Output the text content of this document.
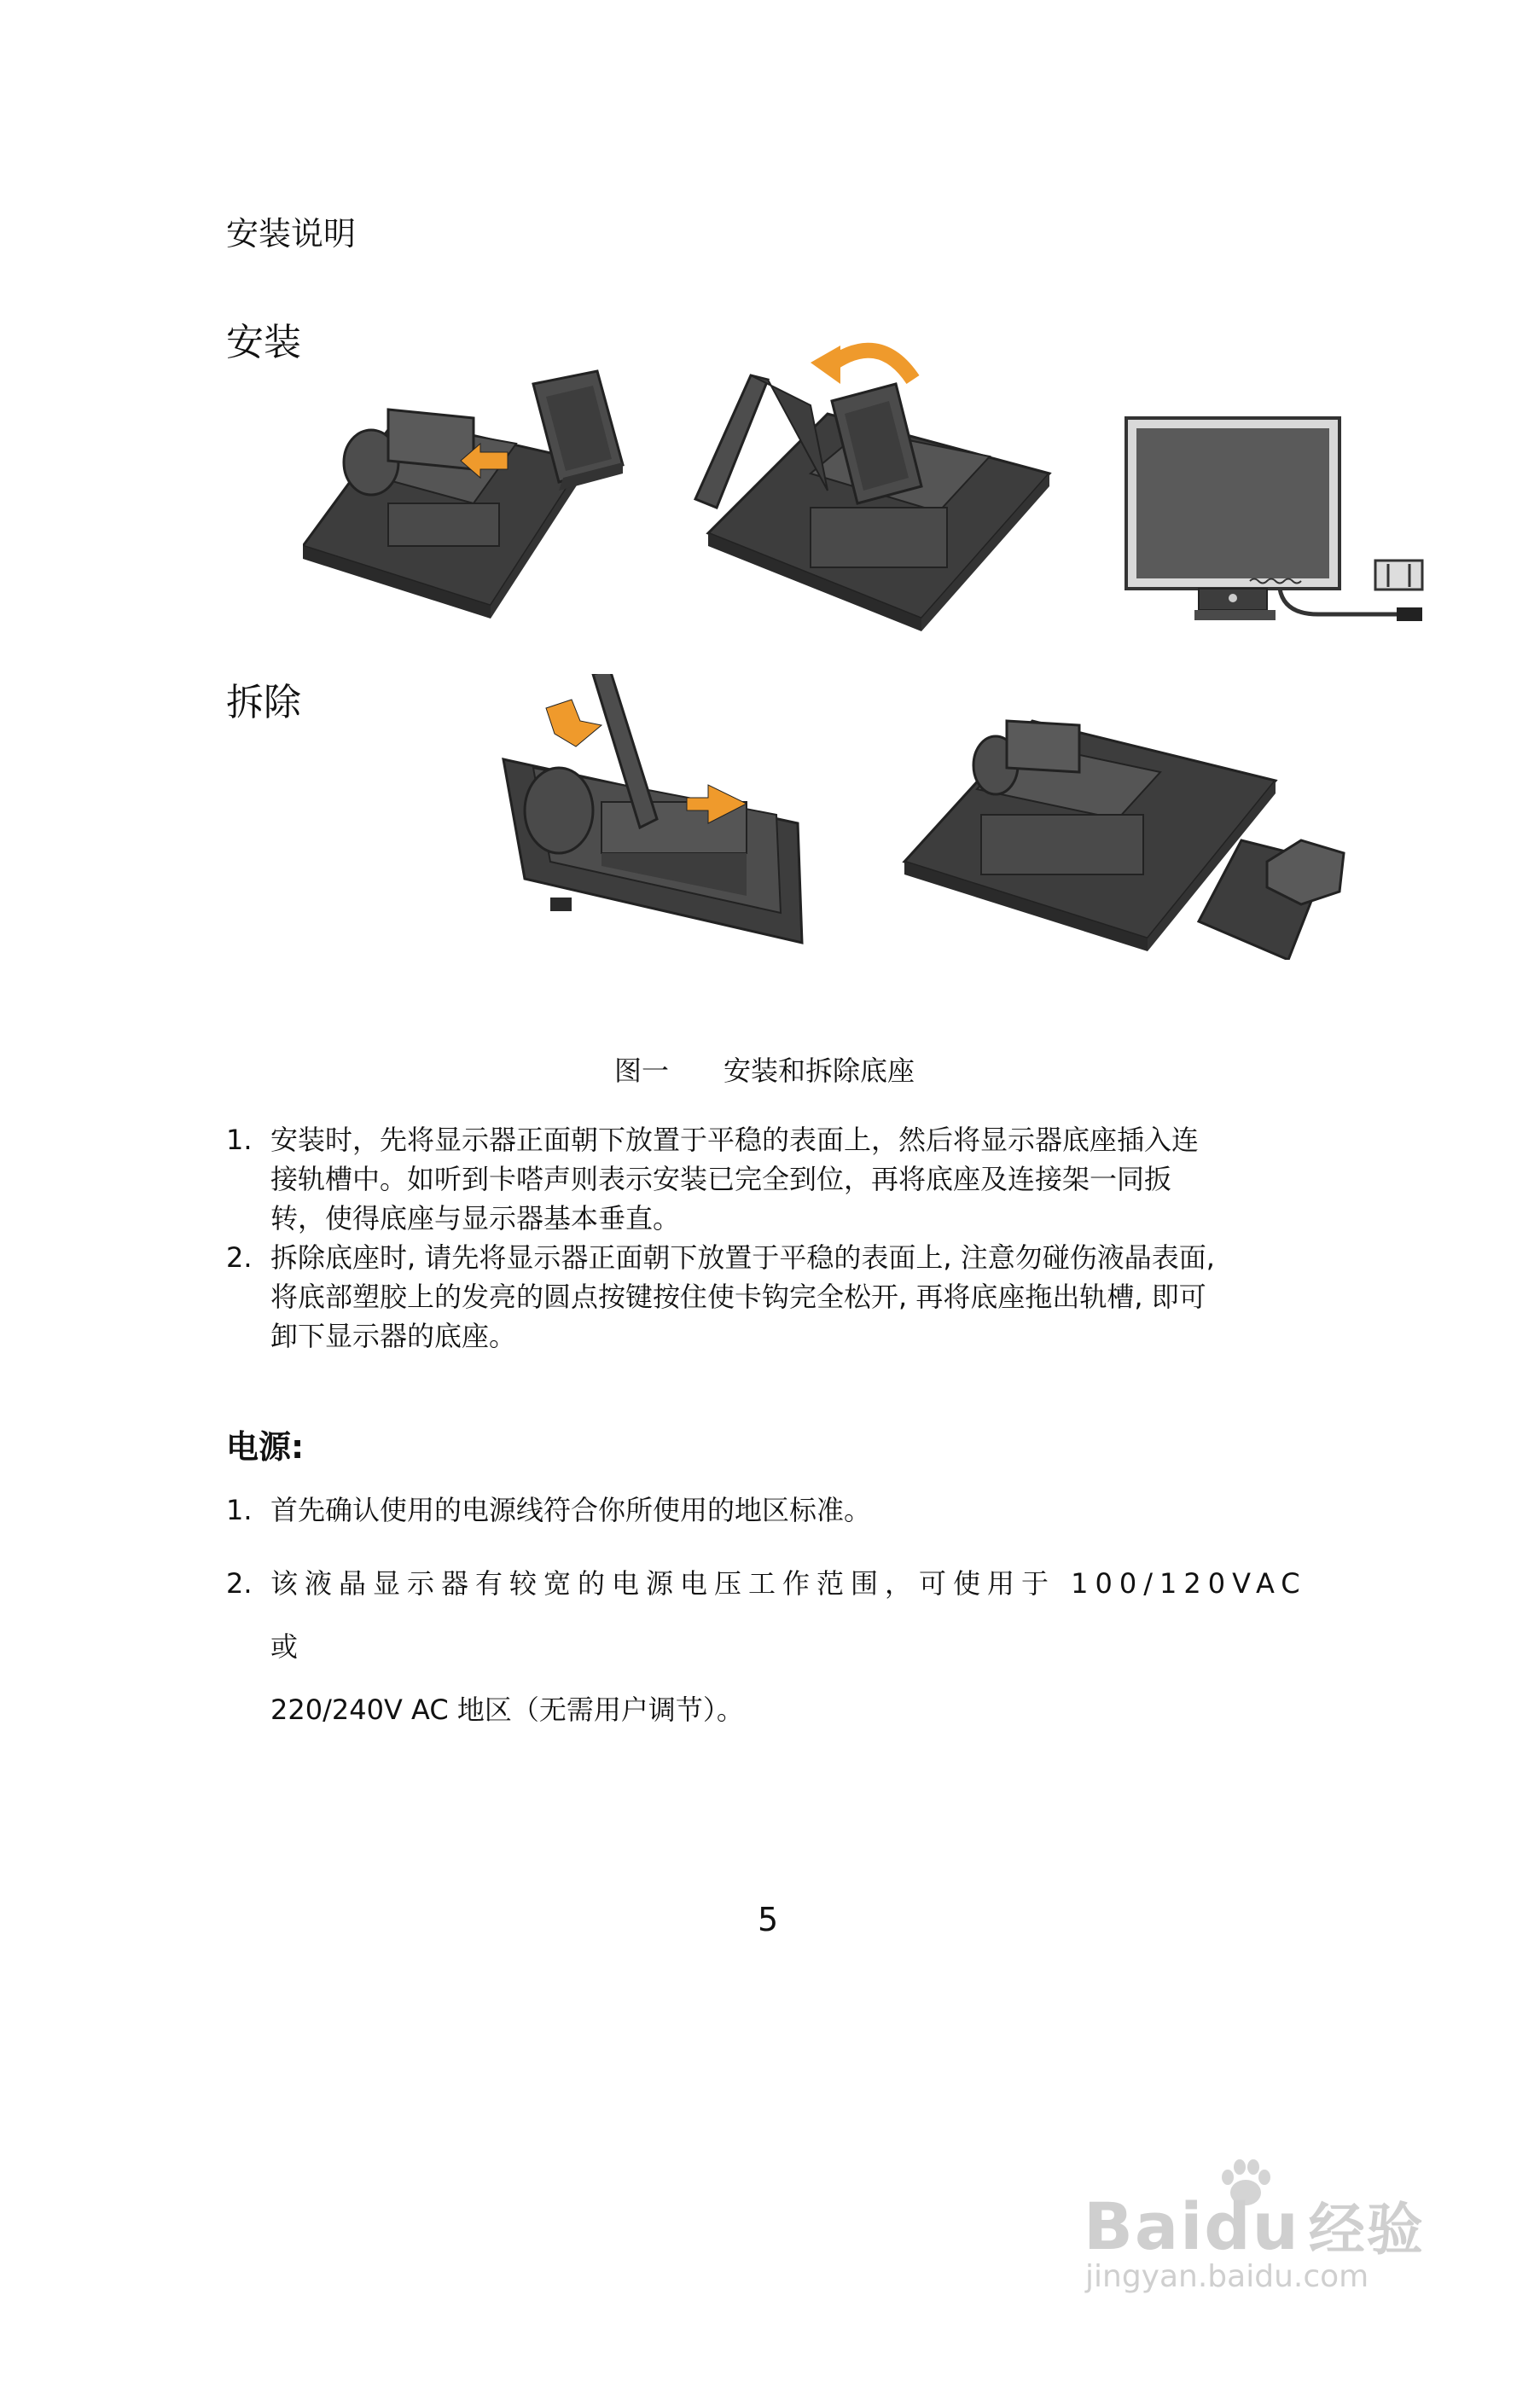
安装说明
安装
拆除
图一 安装和拆除底座
1. 安装时，先将显示器正面朝下放置于平稳的表面上，然后将显示器底座插入连
接轨槽中。如听到卡嗒声则表示安装已完全到位，再将底座及连接架一同扳
转，使得底座与显示器基本垂直。
2. 拆除底座时, 请先将显示器正面朝下放置于平稳的表面上, 注意勿碰伤液晶表面,
将底部塑胶上的发亮的圆点按键按住使卡钩完全松开, 再将底座拖出轨槽, 即可
卸下显示器的底座。
电源:
1. 首先确认使用的电源线符合你所使用的地区标准。
2. 该液晶显示器有较宽的电源电压工作范围，可使用于 100/120VAC 或
220/240V AC 地区（无需用户调节）。
5
Baidu 经验
jingyan.baidu.com
